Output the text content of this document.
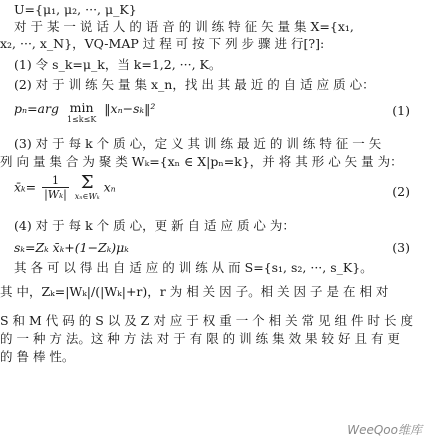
U={μ₁, μ₂, ···, μ_K}
对 于 某 一 说 话 人 的 语 音 的 训 练 特 征 矢 量 集 X={x₁,
x₂, ···, x_N}，VQ-MAP 过 程 可 按 下 列 步 骤 进 行[?]:
(1) 令 s_k=μ_k，当 k=1,2, ···, K。
(2) 对 于 训 练 矢 量 集 x_n，找 出 其 最 近 的 自 适 应 质 心：
pₙ=arg min
1≤k≤K
‖xₙ−sₖ‖²	(1)
(3) 对 于 每 k 个 质 心，定 义 其 训 练 最 近 的 训 练 特 征 一 矢
列 向 量 集 合 为 聚 类 Wₖ={xₙ ∈ X|pₙ=k}，并 将 其 形 心 矢 量 为：
x̄ₖ= $\frac{1}{\text{|Wₖ|}}$
Σ
xₙ∈Wₖ
xₙ	(2)
(4) 对 于 每 k 个 质 心，更 新 自 适 应 质 心 为：
sₖ=Zₖ x̄ₖ+(1−Zₖ)μₖ	(3)
其 各 可 以 得 出 自 适 应 的 训 练 从 而 S={s₁, s₂, ···, s_K}。
其 中，Zₖ=|Wₖ|/(|Wₖ|+r)，r 为 相 关 因 子。相 关 因 子 是 在 相 对
S 和 M 代 码 的 S 以 及 Z 对 应 于 权 重 一 个 相 关 常 见 组 件 时 长 度
的 一 种 方 法。这 种 方 法 对 于 有 限 的 训 练 集 效 果 较 好 且 有 更
的 鲁 棒 性。
WeeQoo维库
